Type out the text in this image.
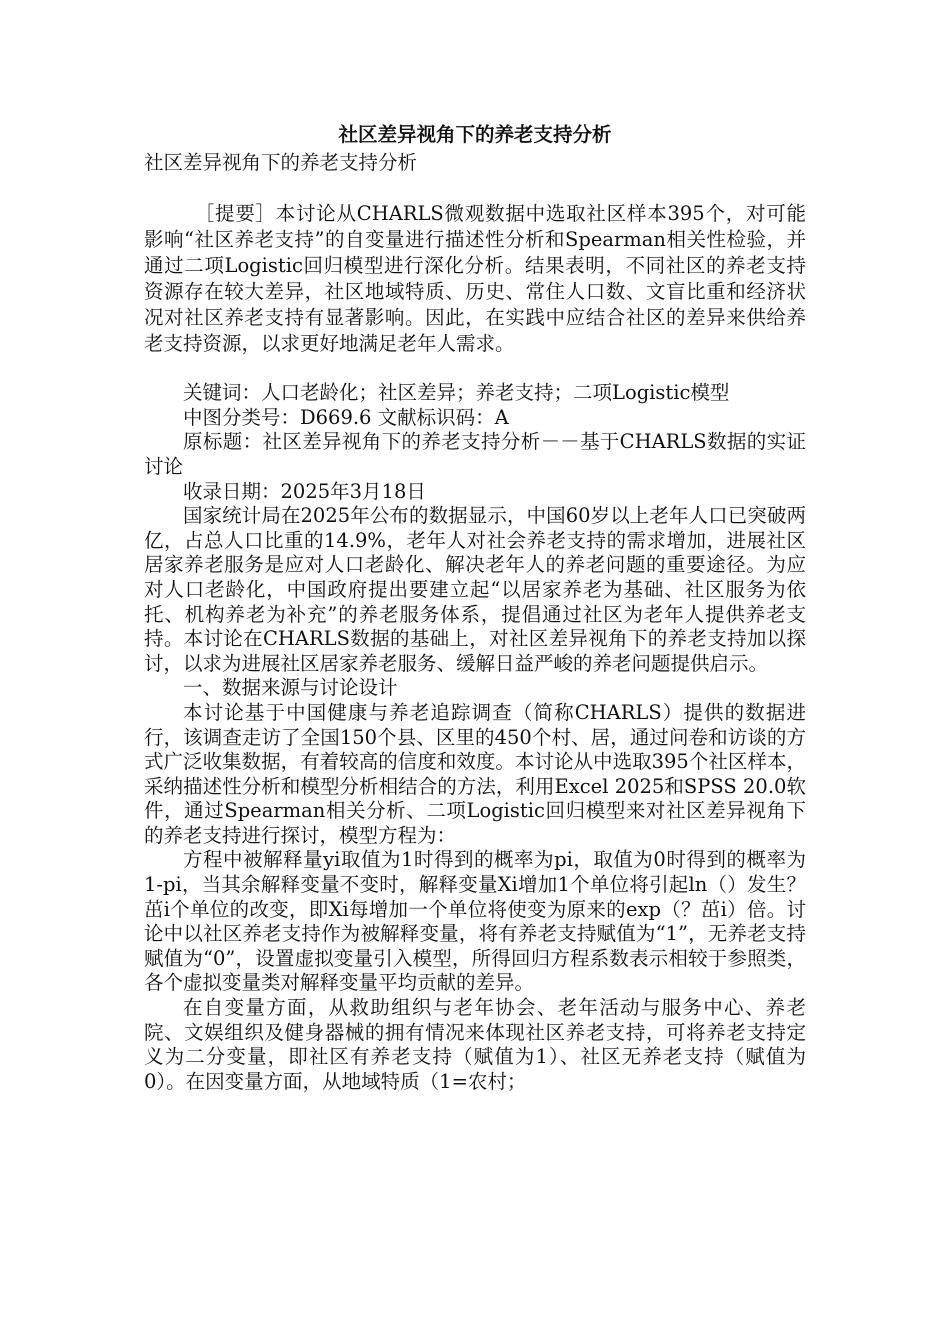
社区差异视角下的养老支持分析
社区差异视角下的养老支持分析

［提要］本讨论从CHARLS微观数据中选取社区样本395个，对可能影响“社区养老支持”的自变量进行描述性分析和Spearman相关性检验，并通过二项Logistic回归模型进行深化分析。结果表明，不同社区的养老支持资源存在较大差异，社区地域特质、历史、常住人口数、文盲比重和经济状况对社区养老支持有显著影响。因此，在实践中应结合社区的差异来供给养老支持资源，以求更好地满足老年人需求。

关键词：人口老龄化；社区差异；养老支持；二项Logistic模型

中图分类号：D669.6 文献标识码：A

原标题：社区差异视角下的养老支持分析－－基于CHARLS数据的实证讨论

收录日期：2025年3月18日

国家统计局在2025年公布的数据显示，中国60岁以上老年人口已突破两亿，占总人口比重的14.9%，老年人对社会养老支持的需求增加，进展社区居家养老服务是应对人口老龄化、解决老年人的养老问题的重要途径。为应对人口老龄化，中国政府提出要建立起“以居家养老为基础、社区服务为依托、机构养老为补充”的养老服务体系，提倡通过社区为老年人提供养老支持。本讨论在CHARLS数据的基础上，对社区差异视角下的养老支持加以探讨，以求为进展社区居家养老服务、缓解日益严峻的养老问题提供启示。

一、数据来源与讨论设计

本讨论基于中国健康与养老追踪调查（简称CHARLS）提供的数据进行，该调查走访了全国150个县、区里的450个村、居，通过问卷和访谈的方式广泛收集数据，有着较高的信度和效度。本讨论从中选取395个社区样本，采纳描述性分析和模型分析相结合的方法，利用Excel 2025和SPSS 20.0软件，通过Spearman相关分析、二项Logistic回归模型来对社区差异视角下的养老支持进行探讨，模型方程为：

方程中被解释量yi取值为1时得到的概率为pi，取值为0时得到的概率为1-pi，当其余解释变量不变时，解释变量Xi增加1个单位将引起ln（）发生？茁i个单位的改变，即Xi每增加一个单位将使变为原来的exp（？茁i）倍。讨论中以社区养老支持作为被解释变量，将有养老支持赋值为“1”，无养老支持赋值为“0”，设置虚拟变量引入模型，所得回归方程系数表示相较于参照类，各个虚拟变量类对解释变量平均贡献的差异。

在自变量方面，从救助组织与老年协会、老年活动与服务中心、养老院、文娱组织及健身器械的拥有情况来体现社区养老支持，可将养老支持定义为二分变量，即社区有养老支持（赋值为1）、社区无养老支持（赋值为0）。在因变量方面，从地域特质（1=农村；
